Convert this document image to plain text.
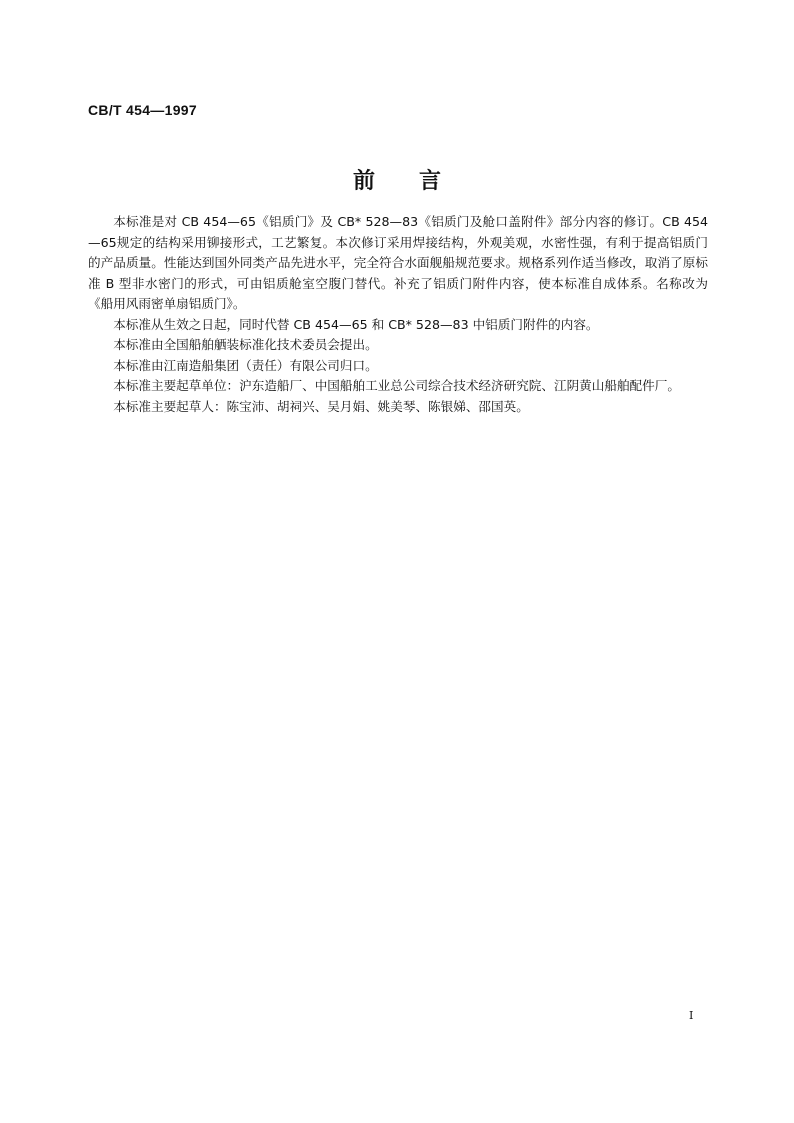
CB/T 454—1997
前言

本标准是对 CB 454—65《铝质门》及 CB* 528—83《铝质门及舱口盖附件》部分内容的修订。CB 454—65规定的结构采用铆接形式，工艺繁复。本次修订采用焊接结构，外观美观，水密性强，有利于提高铝质门的产品质量。性能达到国外同类产品先进水平，完全符合水面舰船规范要求。规格系列作适当修改，取消了原标准 B 型非水密门的形式，可由铝质舱室空腹门替代。补充了铝质门附件内容，使本标准自成体系。名称改为《船用风雨密单扇铝质门》。

本标准从生效之日起，同时代替 CB 454—65 和 CB* 528—83 中铝质门附件的内容。

本标准由全国船舶舾装标准化技术委员会提出。

本标准由江南造船集团（责任）有限公司归口。

本标准主要起草单位：沪东造船厂、中国船舶工业总公司综合技术经济研究院、江阴黄山船舶配件厂。

本标准主要起草人：陈宝沛、胡祠兴、吴月娟、姚美琴、陈银娣、邵国英。

I
